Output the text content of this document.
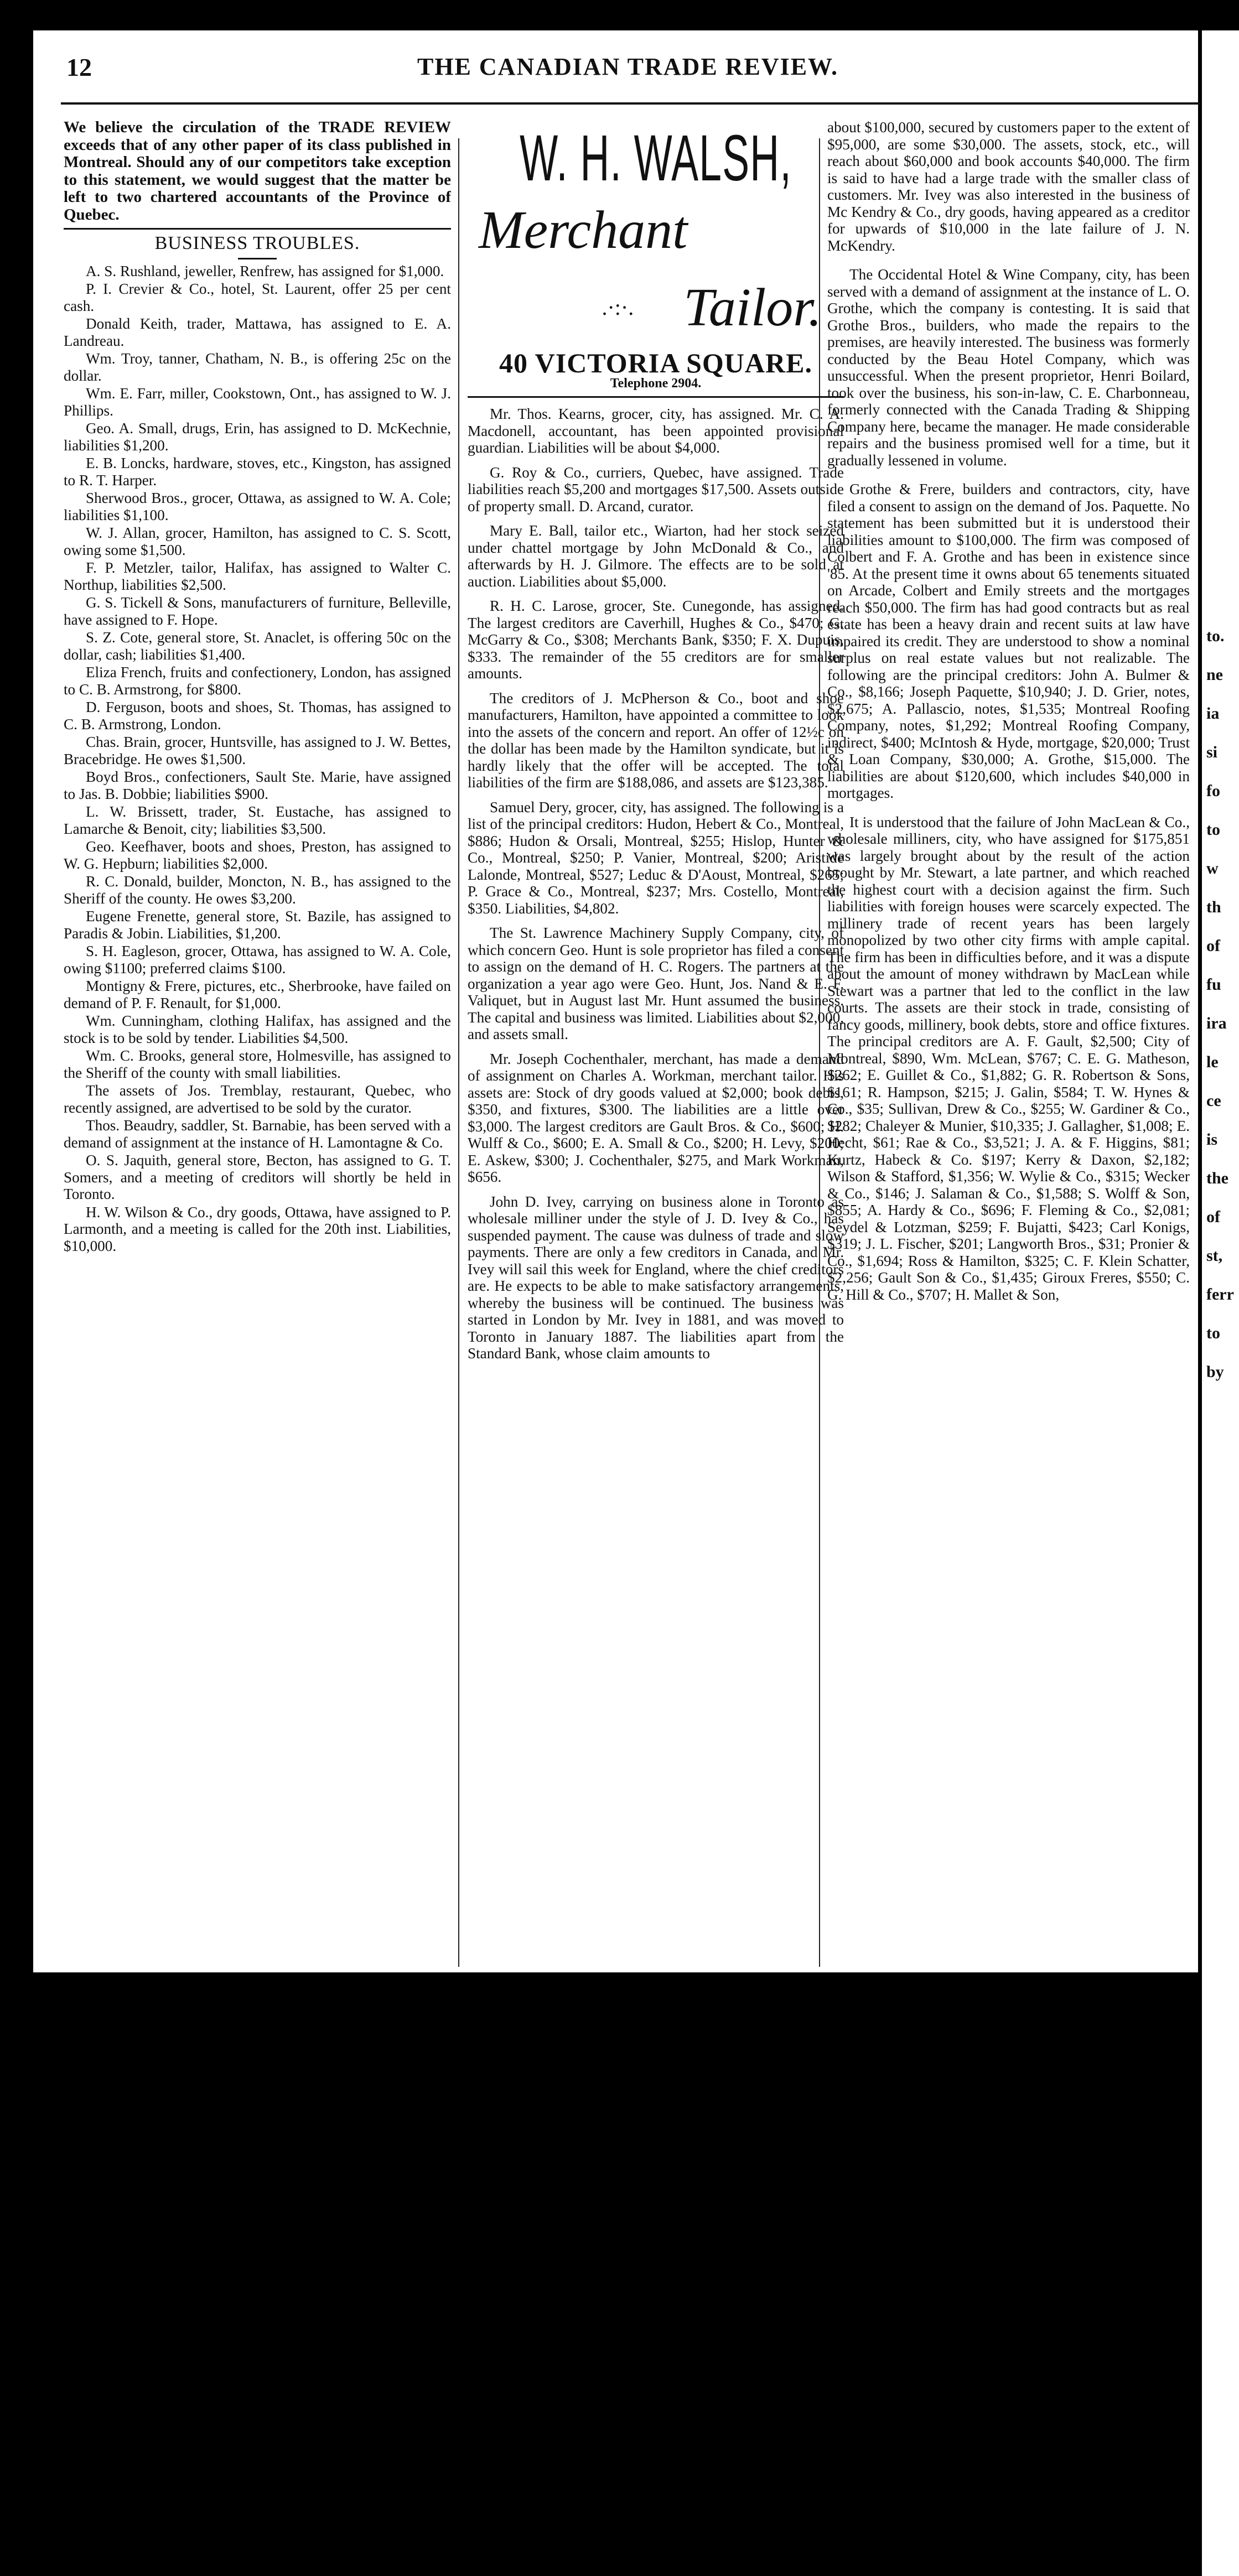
to.
ne
ia
si
fo
to
w
th
of
fu
ira
le
ce
is
the
of
st,
ferr
to
by
12	THE CANADIAN TRADE REVIEW.
We believe the circulation of the TRADE REVIEW exceeds that of any other paper of its class published in Montreal. Should any of our competitors take exception to this statement, we would suggest that the matter be left to two chartered accountants of the Province of Quebec.
BUSINESS TROUBLES.

A. S. Rushland, jeweller, Renfrew, has assigned for $1,000.

P. I. Crevier & Co., hotel, St. Laurent, offer 25 per cent cash.

Donald Keith, trader, Mattawa, has assigned to E. A. Landreau.

Wm. Troy, tanner, Chatham, N. B., is offering 25c on the dollar.

Wm. E. Farr, miller, Cookstown, Ont., has assigned to W. J. Phillips.

Geo. A. Small, drugs, Erin, has assigned to D. McKechnie, liabilities $1,200.

E. B. Loncks, hardware, stoves, etc., Kingston, has assigned to R. T. Harper.

Sherwood Bros., grocer, Ottawa, as assigned to W. A. Cole; liabilities $1,100.

W. J. Allan, grocer, Hamilton, has assigned to C. S. Scott, owing some $1,500.

F. P. Metzler, tailor, Halifax, has assigned to Walter C. Northup, liabilities $2,500.

G. S. Tickell & Sons, manufacturers of furniture, Belleville, have assigned to F. Hope.

S. Z. Cote, general store, St. Anaclet, is offering 50c on the dollar, cash; liabilities $1,400.

Eliza French, fruits and confectionery, London, has assigned to C. B. Armstrong, for $800.

D. Ferguson, boots and shoes, St. Thomas, has assigned to C. B. Armstrong, London.

Chas. Brain, grocer, Huntsville, has assigned to J. W. Bettes, Bracebridge. He owes $1,500.

Boyd Bros., confectioners, Sault Ste. Marie, have assigned to Jas. B. Dobbie; liabilities $900.

L. W. Brissett, trader, St. Eustache, has assigned to Lamarche & Benoit, city; liabilities $3,500.

Geo. Keefhaver, boots and shoes, Preston, has assigned to W. G. Hepburn; liabilities $2,000.

R. C. Donald, builder, Moncton, N. B., has assigned to the Sheriff of the county. He owes $3,200.

Eugene Frenette, general store, St. Bazile, has assigned to Paradis & Jobin. Liabilities, $1,200.

S. H. Eagleson, grocer, Ottawa, has assigned to W. A. Cole, owing $1100; preferred claims $100.

Montigny & Frere, pictures, etc., Sherbrooke, have failed on demand of P. F. Renault, for $1,000.

Wm. Cunningham, clothing Halifax, has assigned and the stock is to be sold by tender. Liabilities $4,500.

Wm. C. Brooks, general store, Holmesville, has assigned to the Sheriff of the county with small liabilities.

The assets of Jos. Tremblay, restaurant, Quebec, who recently assigned, are advertised to be sold by the curator.

Thos. Beaudry, saddler, St. Barnabie, has been served with a demand of assignment at the instance of H. Lamontagne & Co.

O. S. Jaquith, general store, Becton, has assigned to G. T. Somers, and a meeting of creditors will shortly be held in Toronto.

H. W. Wilson & Co., dry goods, Ottawa, have assigned to P. Larmonth, and a meeting is called for the 20th inst. Liabilities, $10,000.

W. H. WALSH,
Merchant
.·:·. Tailor.
40 VICTORIA SQUARE.
Telephone 2904.

Mr. Thos. Kearns, grocer, city, has assigned. Mr. C. A. Macdonell, accountant, has been appointed provisional guardian. Liabilities will be about $4,000.

G. Roy & Co., curriers, Quebec, have assigned. Trade liabilities reach $5,200 and mortgages $17,500. Assets outside of property small. D. Arcand, curator.

Mary E. Ball, tailor etc., Wiarton, had her stock seized under chattel mortgage by John McDonald & Co., and afterwards by H. J. Gilmore. The effects are to be sold at auction. Liabilities about $5,000.

R. H. C. Larose, grocer, Ste. Cunegonde, has assigned. The largest creditors are Caverhill, Hughes & Co., $470; G. McGarry & Co., $308; Merchants Bank, $350; F. X. Dupuis, $333. The remainder of the 55 creditors are for smaller amounts.

The creditors of J. McPherson & Co., boot and shoe manufacturers, Hamilton, have appointed a committee to look into the assets of the concern and report. An offer of 12½c on the dollar has been made by the Hamilton syndicate, but it is hardly likely that the offer will be accepted. The total liabilities of the firm are $188,086, and assets are $123,385.

Samuel Dery, grocer, city, has assigned. The following is a list of the principal creditors: Hudon, Hebert & Co., Montreal, $886; Hudon & Orsali, Montreal, $255; Hislop, Hunter & Co., Montreal, $250; P. Vanier, Montreal, $200; Aristide Lalonde, Montreal, $527; Leduc & D'Aoust, Montreal, $265; P. Grace & Co., Montreal, $237; Mrs. Costello, Montreal, $350. Liabilities, $4,802.

The St. Lawrence Machinery Supply Company, city, of which concern Geo. Hunt is sole proprietor has filed a consent to assign on the demand of H. C. Rogers. The partners at the organization a year ago were Geo. Hunt, Jos. Nand & E. F. Valiquet, but in August last Mr. Hunt assumed the business. The capital and business was limited. Liabilities about $2,000, and assets small.

Mr. Joseph Cochenthaler, merchant, has made a demand of assignment on Charles A. Workman, merchant tailor. His assets are: Stock of dry goods valued at $2,000; book debts, $350, and fixtures, $300. The liabilities are a little over $3,000. The largest creditors are Gault Bros. & Co., $600; H. Wulff & Co., $600; E. A. Small & Co., $200; H. Levy, $200; E. Askew, $300; J. Cochenthaler, $275, and Mark Workman, $656.

John D. Ivey, carrying on business alone in Toronto as wholesale milliner under the style of J. D. Ivey & Co., has suspended payment. The cause was dulness of trade and slow payments. There are only a few creditors in Canada, and Mr. Ivey will sail this week for England, where the chief creditors are. He expects to be able to make satisfactory arrangements, whereby the business will be continued. The business was started in London by Mr. Ivey in 1881, and was moved to Toronto in January 1887. The liabilities apart from the Standard Bank, whose claim amounts to

about $100,000, secured by customers paper to the extent of $95,000, are some $30,000. The assets, stock, etc., will reach about $60,000 and book accounts $40,000. The firm is said to have had a large trade with the smaller class of customers. Mr. Ivey was also interested in the business of Mc Kendry & Co., dry goods, having appeared as a creditor for upwards of $10,000 in the late failure of J. N. McKendry.

The Occidental Hotel & Wine Company, city, has been served with a demand of assignment at the instance of L. O. Grothe, which the company is contesting. It is said that Grothe Bros., builders, who made the repairs to the premises, are heavily interested. The business was formerly conducted by the Beau Hotel Company, which was unsuccessful. When the present proprietor, Henri Boilard, took over the business, his son-in-law, C. E. Charbonneau, formerly connected with the Canada Trading & Shipping Company here, became the manager. He made considerable repairs and the business promised well for a time, but it gradually lessened in volume.

Grothe & Frere, builders and contractors, city, have filed a consent to assign on the demand of Jos. Paquette. No statement has been submitted but it is understood their liabilities amount to $100,000. The firm was composed of Colbert and F. A. Grothe and has been in existence since '85. At the present time it owns about 65 tenements situated on Arcade, Colbert and Emily streets and the mortgages reach $50,000. The firm has had good contracts but as real estate has been a heavy drain and recent suits at law have impaired its credit. They are understood to show a nominal surplus on real estate values but not realizable. The following are the principal creditors: John A. Bulmer & Co., $8,166; Joseph Paquette, $10,940; J. D. Grier, notes, $2,675; A. Pallascio, notes, $1,535; Montreal Roofing Company, notes, $1,292; Montreal Roofing Company, indirect, $400; McIntosh & Hyde, mortgage, $20,000; Trust & Loan Company, $30,000; A. Grothe, $15,000. The liabilities are about $120,600, which includes $40,000 in mortgages.

It is understood that the failure of John MacLean & Co., wholesale milliners, city, who have assigned for $175,851 was largely brought about by the result of the action brought by Mr. Stewart, a late partner, and which reached the highest court with a decision against the firm. Such liabilities with foreign houses were scarcely expected. The millinery trade of recent years has been largely monopolized by two other city firms with ample capital. The firm has been in difficulties before, and it was a dispute about the amount of money withdrawn by MacLean while Stewart was a partner that led to the conflict in the law courts. The assets are their stock in trade, consisting of fancy goods, millinery, book debts, store and office fixtures. The principal creditors are A. F. Gault, $2,500; City of Montreal, $890, Wm. McLean, $767; C. E. G. Matheson, $262; E. Guillet & Co., $1,882; G. R. Robertson & Sons, $161; R. Hampson, $215; J. Galin, $584; T. W. Hynes & Co., $35; Sullivan, Drew & Co., $255; W. Gardiner & Co., $282; Chaleyer & Munier, $10,335; J. Gallagher, $1,008; E. Hecht, $61; Rae & Co., $3,521; J. A. & F. Higgins, $81; Kurtz, Habeck & Co. $197; Kerry & Daxon, $2,182; Wilson & Stafford, $1,356; W. Wylie & Co., $315; Wecker & Co., $146; J. Salaman & Co., $1,588; S. Wolff & Son, $855; A. Hardy & Co., $696; F. Fleming & Co., $2,081; Seydel & Lotzman, $259; F. Bujatti, $423; Carl Konigs, $319; J. L. Fischer, $201; Langworth Bros., $31; Pronier & Co., $1,694; Ross & Hamilton, $325; C. F. Klein Schatter, $2,256; Gault Son & Co., $1,435; Giroux Freres, $550; C. G. Hill & Co., $707; H. Mallet & Son,
